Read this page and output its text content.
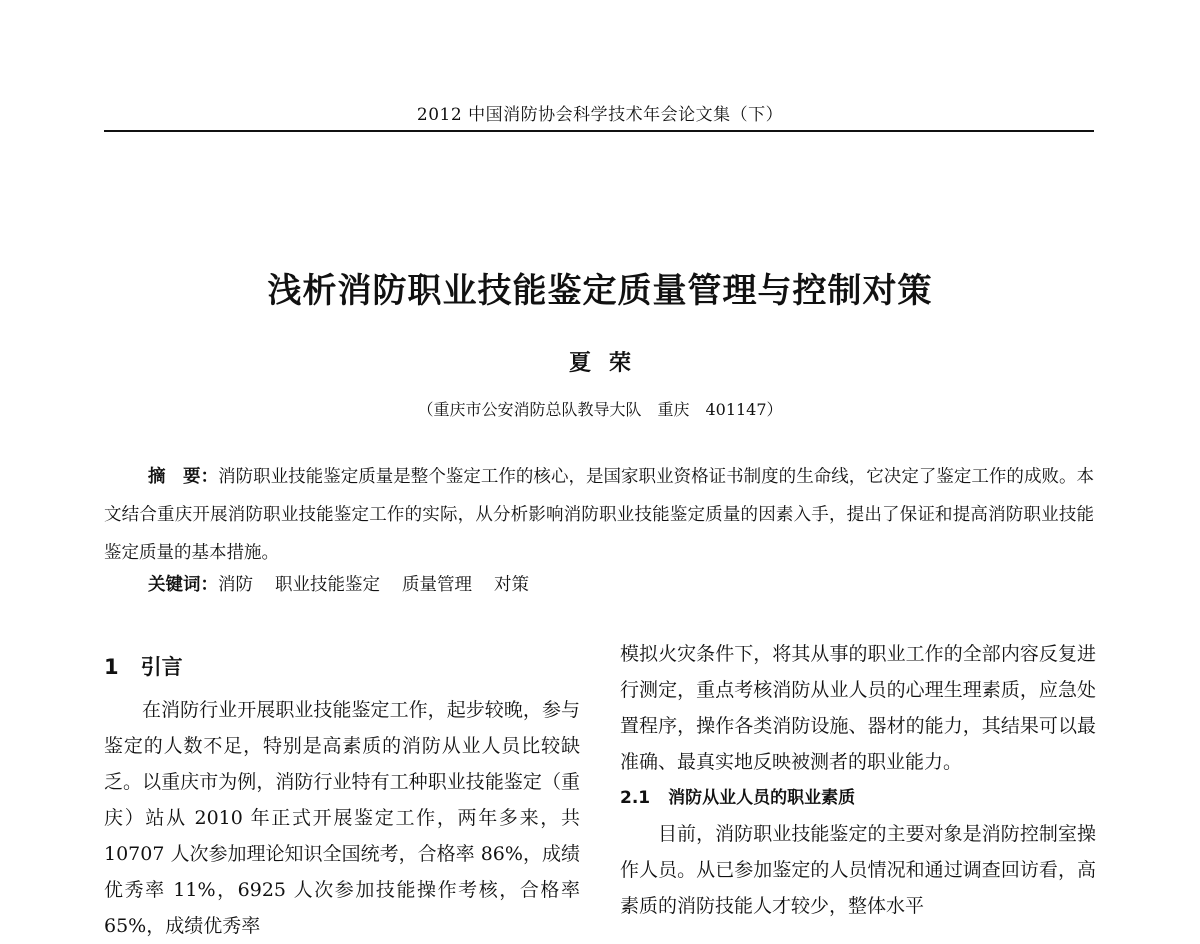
2012 中国消防协会科学技术年会论文集（下）
浅析消防职业技能鉴定质量管理与控制对策
夏荣
（重庆市公安消防总队教导大队　重庆　401147）

摘　要：消防职业技能鉴定质量是整个鉴定工作的核心，是国家职业资格证书制度的生命线，它决定了鉴定工作的成败。本文结合重庆开展消防职业技能鉴定工作的实际，从分析影响消防职业技能鉴定质量的因素入手，提出了保证和提高消防职业技能鉴定质量的基本措施。

关键词：消防 职业技能鉴定 质量管理 对策
1 引言

在消防行业开展职业技能鉴定工作，起步较晚，参与鉴定的人数不足，特别是高素质的消防从业人员比较缺乏。以重庆市为例，消防行业特有工种职业技能鉴定（重庆）站从 2010 年正式开展鉴定工作，两年多来，共 10707 人次参加理论知识全国统考，合格率 86%，成绩优秀率 11%，6925 人次参加技能操作考核，合格率 65%，成绩优秀率

模拟火灾条件下，将其从事的职业工作的全部内容反复进行测定，重点考核消防从业人员的心理生理素质，应急处置程序，操作各类消防设施、器材的能力，其结果可以最准确、最真实地反映被测者的职业能力。

2.1 消防从业人员的职业素质

目前，消防职业技能鉴定的主要对象是消防控制室操作人员。从已参加鉴定的人员情况和通过调查回访看，高素质的消防技能人才较少，整体水平
